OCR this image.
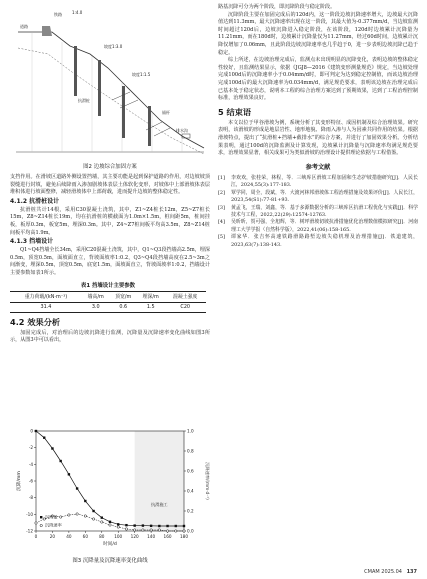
铁路
道路
1:4.0
坡度1:3.0
坡度1:1.5
抗滑桩
锚杆
排水沟
图2 边坡综合加固方案

支挡作用。在滑坡区道路外侧设置挡墙，其主要功能是起到保护道路的作用，对边坡坡顶裂缝进行封填，避免后续降雨入渗加剧坡体表层土体软化变形，对坡体中上部滑坡体表层堆积体进行坡面整修，减轻滑坡体中上部荷载，进而提升边坡的整体稳定性。

4.1.2 抗滑桩设计

抗滑桩共计14根，采用C30混凝土浇筑，其中，Z1~Z4桩长12m，Z5~Z7桩长15m，Z8~Z14桩长19m，均在抗滑桩的横截面为1.0m×1.5m，桩间距5m，桩间挂板，板厚0.3m，板宽5m，埋深0.3m。其中，Z4~Z7桩间板平均高3.5m，Z8~Z14桩间板平均高1.9m。

4.1.3 挡墙设计

Q1~Q4挡墙全长34m，采用C20混凝土浇筑，其中，Q1~Q3段挡墙高2.5m，埋深0.5m，顶宽0.5m，面坡面直立，背坡面坡率1:0.2，Q3~Q4段挡墙高度在2.5~3m之间渐变，埋深0.5m，顶宽0.5m，底宽1.5m，面坡面直立，背坡面坡率1:0.2，挡墙设计主要参数如表1所示。

表1 挡墙设计主要参数
重力荷载/(kN·m⁻³)	墙高/m	顶宽/m	埋深/m	混凝土强度
31.4	3.0	0.6	1.5	C20
4.2 效果分析

加固完成后，对治理后的边坡沉降进行监测，沉降量及沉降速率变化曲线如图3所示，从图3中可以看出，

抗滑施工
0	20	40	60	80 100 120 140 160 180
0
-2
-4
-6
-8
-10
-12
1.0
0.8
0.6
0.4
0.2
0.0
时间/d
沉降/mm	沉降速率/(mm·d⁻¹)
沉降量
沉降速率
图3 沉降量及沉降速率变化曲线

路基沉降可分为两个阶段，即沉降阶段与稳定阶段。

沉降阶段主要在加固完成后的120d内，这一阶段边坡沉降速率增大，边坡最大沉降值达到11.3mm，最大沉降速率出现在这一阶段，其最大值为-0.377mm/d，当边坡监测时间超过120d后，边坡沉降进入稳定阶段，在该阶段，120d时边坡累计沉降量为11.21mm，而在180d时，边坡累计沉降量仅为11.27mm，经过60d时间，边坡累计沉降仅增加了0.06mm，且此阶段边坡沉降速率也几乎趋于0，进一步表明边坡沉降已趋于稳定。

综上所述，在边坡治理完成后，监测点未出现明显的沉降变化，表明边坡的整体稳定性较好，且监测结果显示，依据《JGJ8—2016《建筑变形测量规范》规定，当边坡处理完成100d后的沉降速率小于0.04mm/d时，即可判定为达到稳定控制值，而该边坡治理完成100d后的最大沉降速率为0.034mm/d，满足规范要求，表明该边坡在治理完成后已基本处于稳定状态，说明本工程的综合治理方案达到了预期效果，达到了工程治理控制标准，治理效果良好。

5 结束语

本文以位于甲谷滑坡为例，系统分析了其变形特征、成因机制及综合治理效果。研究表明，该滑坡的形成是地层岩性、地形地貌、降雨入渗与人为因素共同作用的结果。根据滑坡特点，提出了“抗滑桩+挡墙+截排水”的综合方案，并进行了加固效果分析。分析结果表明，通过100d的沉降监测及计算发现，边坡累计沉降量与沉降速率均满足规范要求，治理效果显著，相关成果可为类似滑坡的治理设计提供理论依据与工程借鉴。

参考文献
[1]	李欢欢，张桂荣，林程，等．三峡库区滑坡工程加固和生态护坡措施研究[J]．人民长江，2024,55(3):177-183.
[2]	覃学同，周全，段斌，等．大渡河林邦滑坡体工程治理措施及效果评价[J]．人民长江，2023,54(S1):77-81+93.
[3]	黄孟飞，王瑞，刘鑫，等．基于多源数据分析的三峡库区抗滑工程优化与实践[J]．科学技术与工程，2022,22(29):12574-12763.
[4]	吴昕昕，贺可强，全旭辉，等．树坪滑坡切坡抗滑措施优化治理数值模拟研究[J]．河南理工大学学报（自然科学版），2022,41(06):158-165.
[5]	谭家华．张吉怀高速铁路滑路路堑边坡失稳机理及治理措施[J]．铁道建筑，2023,63(7):138-143.
CMAM 2025.04 137
